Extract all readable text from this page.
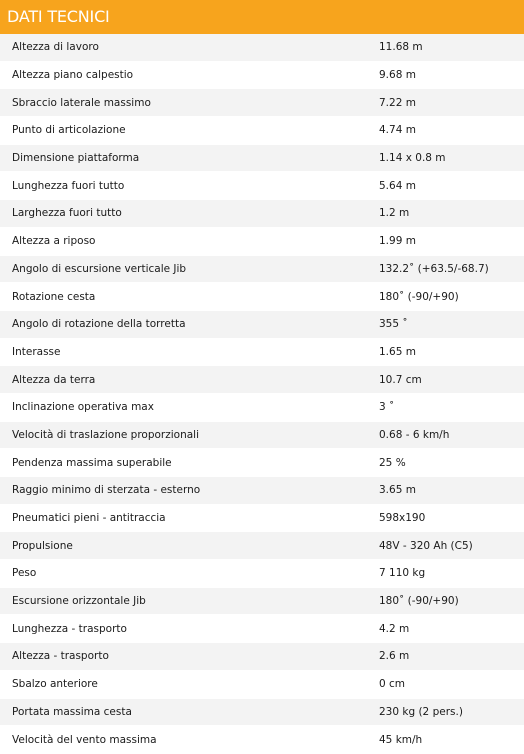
DATI TECNICI
Altezza di lavoro	11.68 m
Altezza piano calpestio	9.68 m
Sbraccio laterale massimo	7.22 m
Punto di articolazione	4.74 m
Dimensione piattaforma	1.14 x 0.8 m
Lunghezza fuori tutto	5.64 m
Larghezza fuori tutto	1.2 m
Altezza a riposo	1.99 m
Angolo di escursione verticale Jib	132.2˚ (+63.5/-68.7)
Rotazione cesta	180˚ (-90/+90)
Angolo di rotazione della torretta	355 ˚
Interasse	1.65 m
Altezza da terra	10.7 cm
Inclinazione operativa max	3 ˚
Velocità di traslazione proporzionali	0.68 - 6 km/h
Pendenza massima superabile	25 %
Raggio minimo di sterzata - esterno	3.65 m
Pneumatici pieni - antitraccia	598x190
Propulsione	48V - 320 Ah (C5)
Peso	7 110 kg
Escursione orizzontale Jib	180˚ (-90/+90)
Lunghezza - trasporto	4.2 m
Altezza - trasporto	2.6 m
Sbalzo anteriore	0 cm
Portata massima cesta	230 kg (2 pers.)
Velocità del vento massima	45 km/h
